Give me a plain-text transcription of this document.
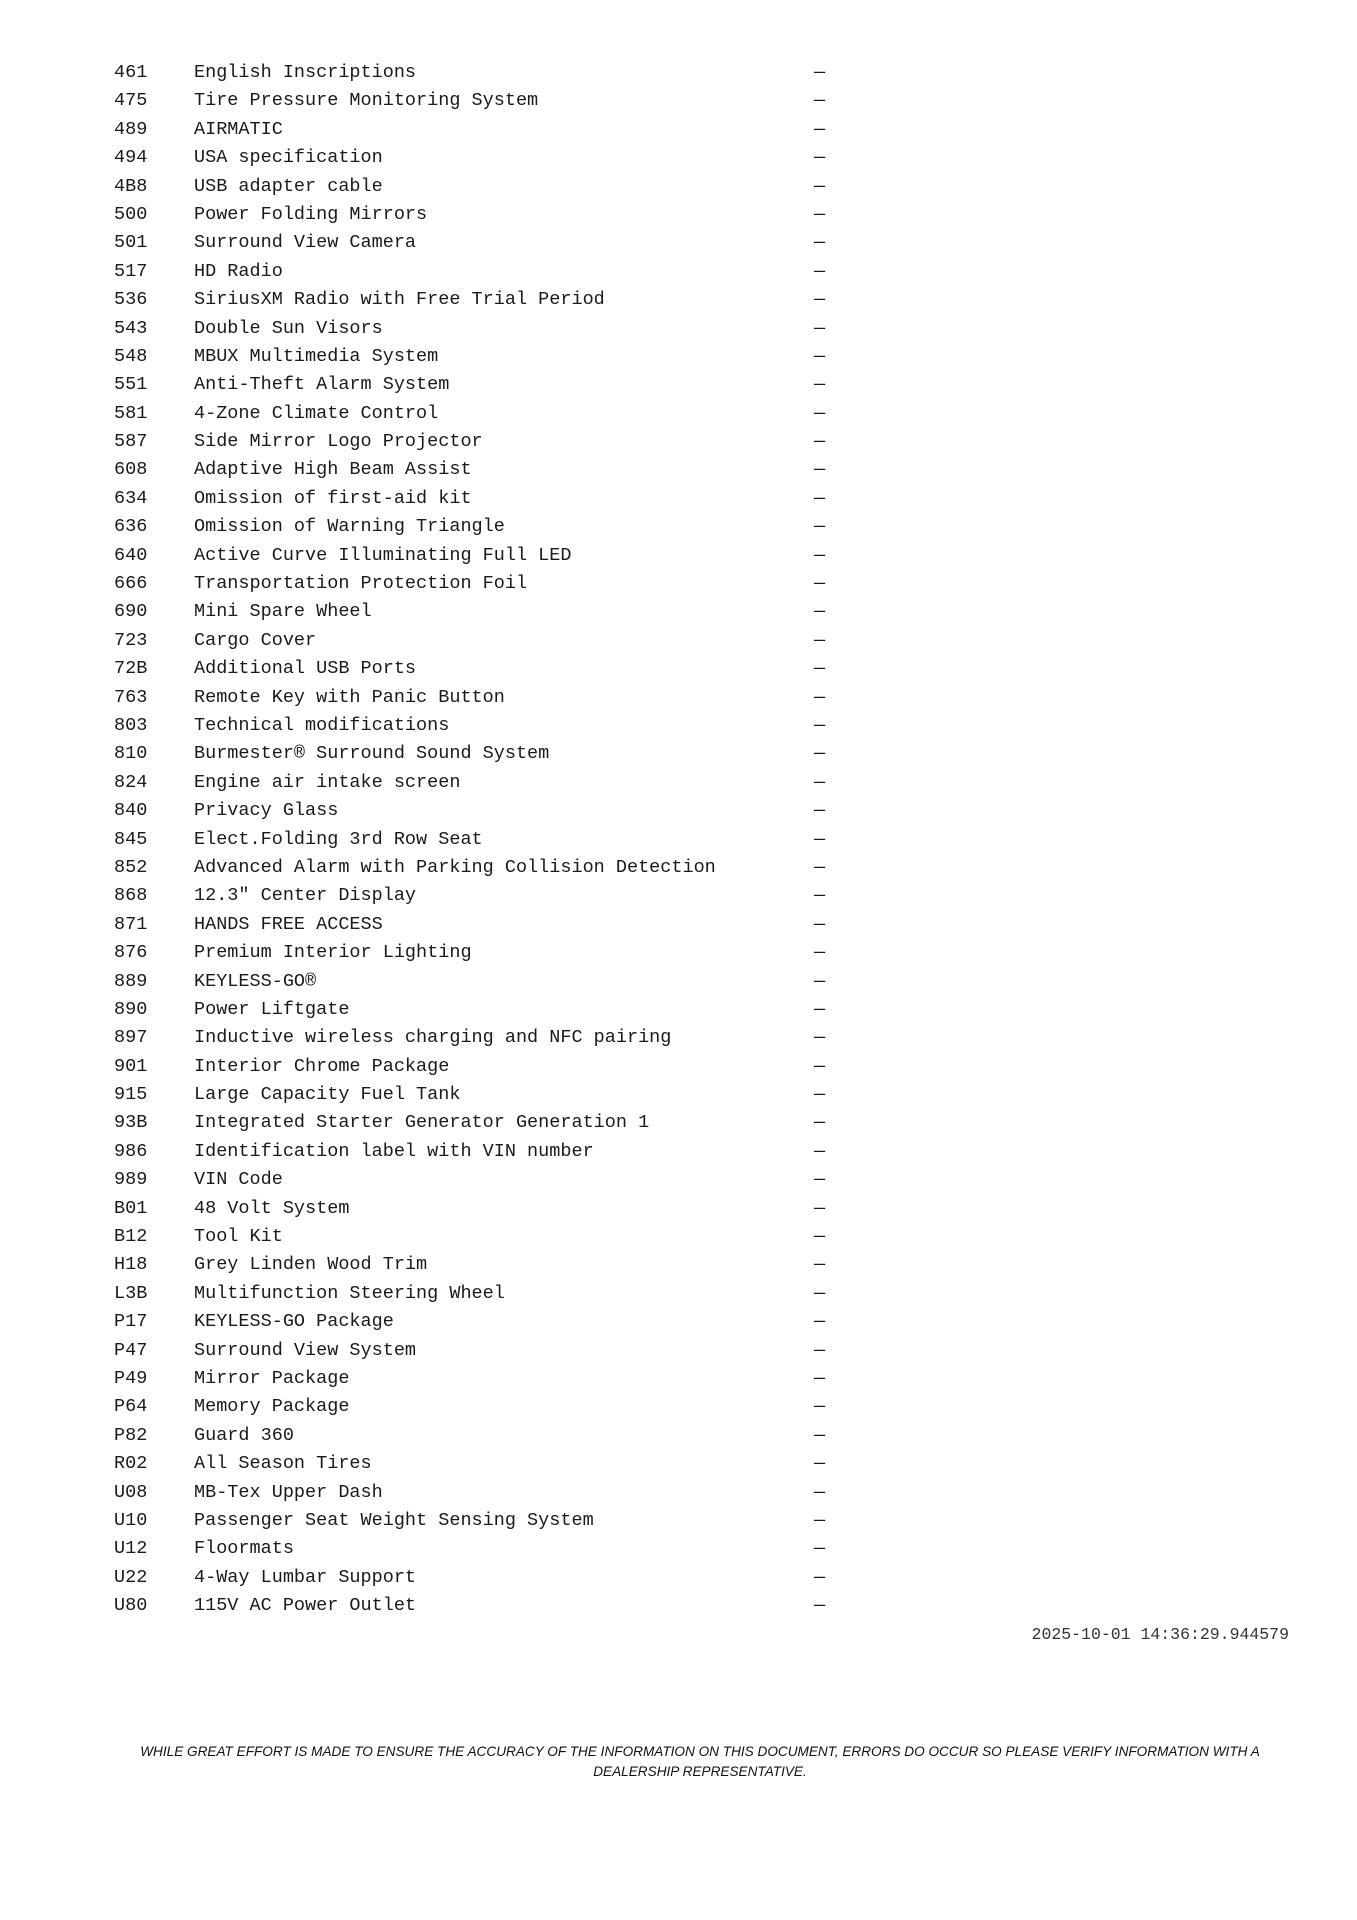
461	English Inscriptions	—
475	Tire Pressure Monitoring System	—
489	AIRMATIC	—
494	USA specification	—
4B8	USB adapter cable	—
500	Power Folding Mirrors	—
501	Surround View Camera	—
517	HD Radio	—
536	SiriusXM Radio with Free Trial Period	—
543	Double Sun Visors	—
548	MBUX Multimedia System	—
551	Anti-Theft Alarm System	—
581	4-Zone Climate Control	—
587	Side Mirror Logo Projector	—
608	Adaptive High Beam Assist	—
634	Omission of first-aid kit	—
636	Omission of Warning Triangle	—
640	Active Curve Illuminating Full LED	—
666	Transportation Protection Foil	—
690	Mini Spare Wheel	—
723	Cargo Cover	—
72B	Additional USB Ports	—
763	Remote Key with Panic Button	—
803	Technical modifications	—
810	Burmester® Surround Sound System	—
824	Engine air intake screen	—
840	Privacy Glass	—
845	Elect.Folding 3rd Row Seat	—
852	Advanced Alarm with Parking Collision Detection	—
868	12.3" Center Display	—
871	HANDS FREE ACCESS	—
876	Premium Interior Lighting	—
889	KEYLESS-GO®	—
890	Power Liftgate	—
897	Inductive wireless charging and NFC pairing	—
901	Interior Chrome Package	—
915	Large Capacity Fuel Tank	—
93B	Integrated Starter Generator Generation 1	—
986	Identification label with VIN number	—
989	VIN Code	—
B01	48 Volt System	—
B12	Tool Kit	—
H18	Grey Linden Wood Trim	—
L3B	Multifunction Steering Wheel	—
P17	KEYLESS-GO Package	—
P47	Surround View System	—
P49	Mirror Package	—
P64	Memory Package	—
P82	Guard 360	—
R02	All Season Tires	—
U08	MB-Tex Upper Dash	—
U10	Passenger Seat Weight Sensing System	—
U12	Floormats	—
U22	4-Way Lumbar Support	—
U80	115V AC Power Outlet	—
2025-10-01 14:36:29.944579

WHILE GREAT EFFORT IS MADE TO ENSURE THE ACCURACY OF THE INFORMATION ON THIS DOCUMENT, ERRORS DO OCCUR SO PLEASE VERIFY INFORMATION WITH A
DEALERSHIP REPRESENTATIVE.
